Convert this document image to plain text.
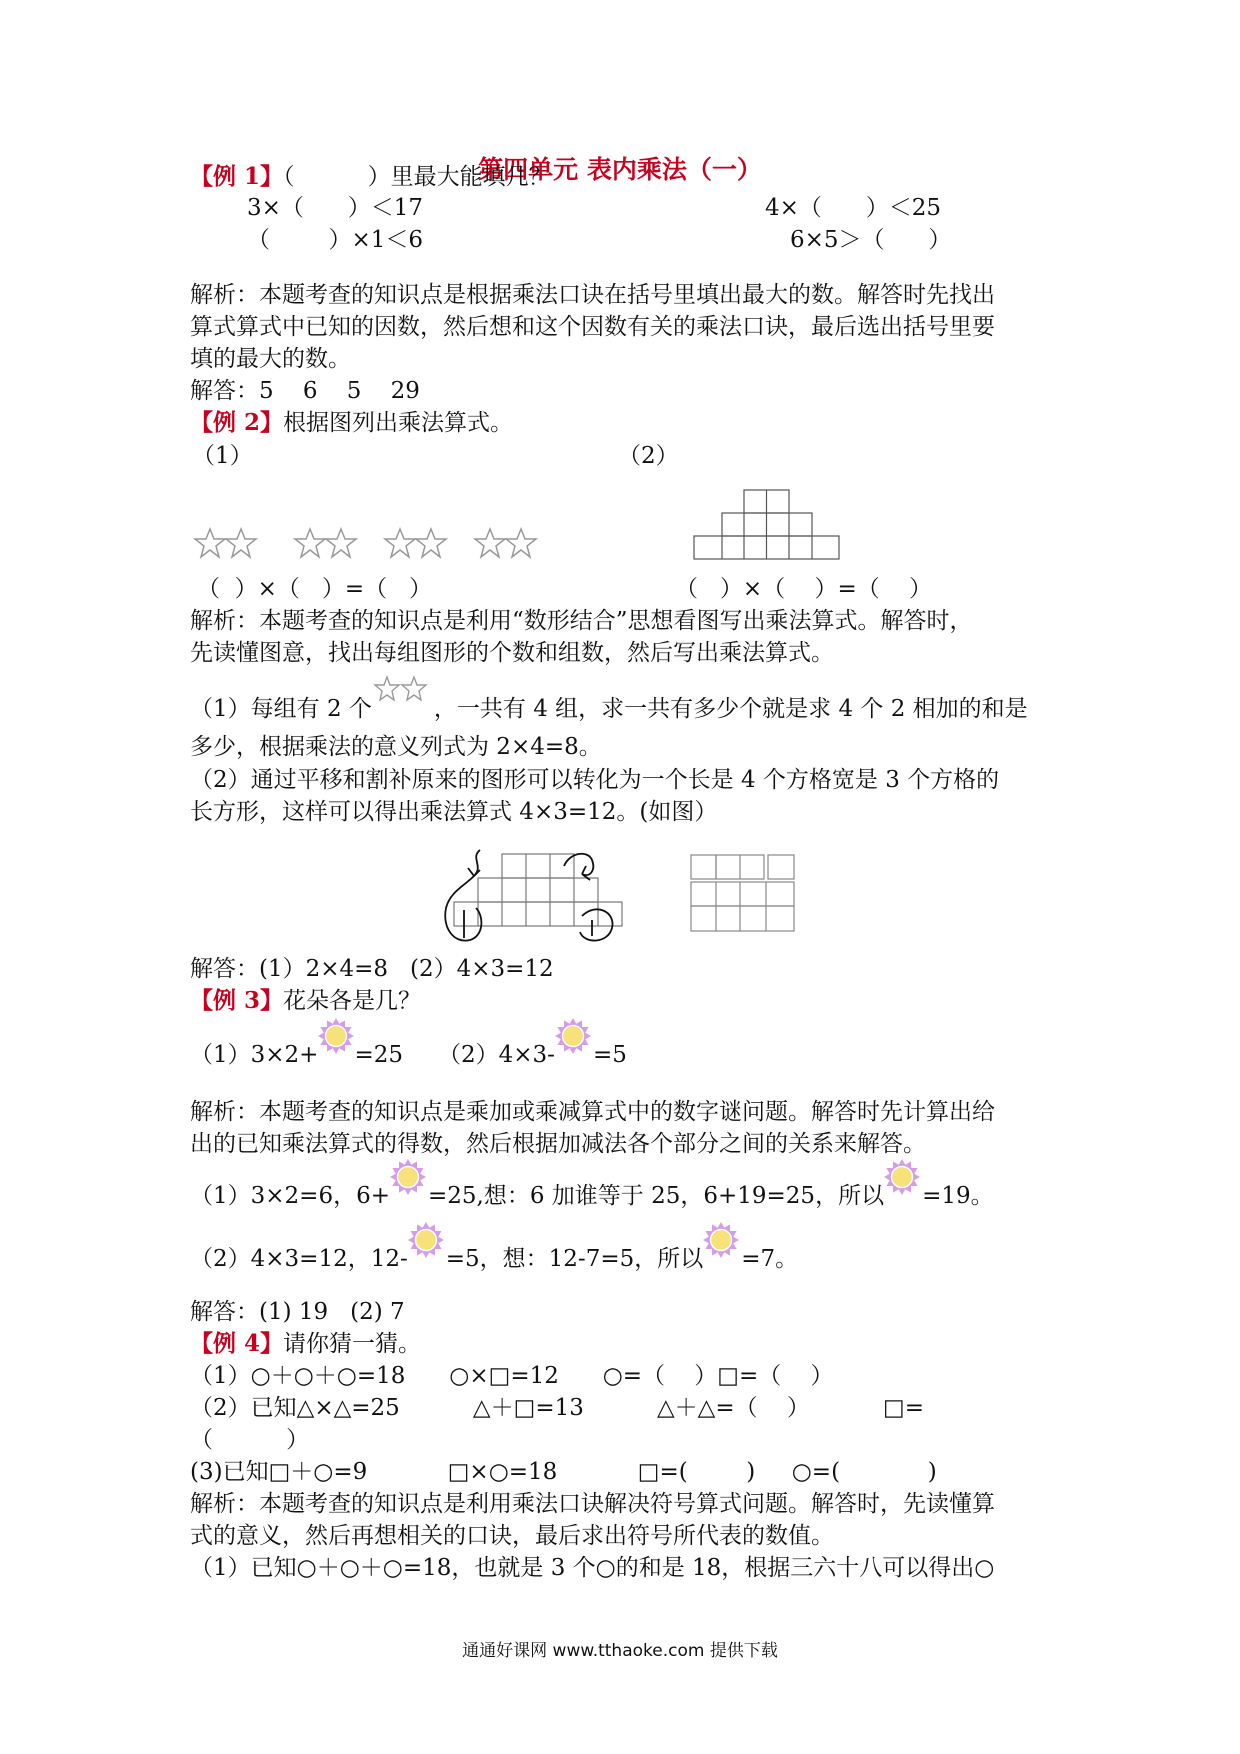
第四单元 表内乘法（一）
【例 1】（          ）里最大能填几？
3×（      ）＜17	4×（      ）＜25
（        ）×1＜6	6×5＞（      ）
解析：本题考查的知识点是根据乘法口诀在括号里填出最大的数。解答时先找出
算式算式中已知的因数，然后想和这个因数有关的乘法口诀，最后选出括号里要
填的最大的数。
解答：5    6    5    29
【例 2】根据图列出乘法算式。
（1）	（2）
（  ）×（   ）=（   ）	（   ）×（    ）=（    ）
解析：本题考查的知识点是利用“数形结合”思想看图写出乘法算式。解答时，
先读懂图意，找出每组图形的个数和组数，然后写出乘法算式。
（1）每组有 2 个	，一共有 4 组，求一共有多少个就是求 4 个 2 相加的和是
多少，根据乘法的意义列式为 2×4=8。
（2）通过平移和割补原来的图形可以转化为一个长是 4 个方格宽是 3 个方格的
长方形，这样可以得出乘法算式 4×3=12。(如图）
解答：(1）2×4=8   (2）4×3=12
【例 3】花朵各是几？
（1）3×2+ =25 （2）4×3- =5
解析：本题考查的知识点是乘加或乘减算式中的数字谜问题。解答时先计算出给
出的已知乘法算式的得数，然后根据加减法各个部分之间的关系来解答。
（1）3×2=6，6+ =25,想：6 加谁等于 25，6+19=25，所以 =19。
（2）4×3=12，12- =5，想：12-7=5，所以 =7。
解答：(1) 19   (2) 7
【例 4】请你猜一猜。
（1）○＋○＋○=18      ○×□=12      ○=（    ）□=（    ）
（2）已知△×△=25          △＋□=13          △＋△=（    ）          □=
（          ）
(3)已知□＋○=9           □×○=18           □=(        )     ○=(            )
解析：本题考查的知识点是利用乘法口诀解决符号算式问题。解答时，先读懂算
式的意义，然后再想相关的口诀，最后求出符号所代表的数值。
（1）已知○＋○＋○=18，也就是 3 个○的和是 18，根据三六十八可以得出○
通通好课网 www.tthaoke.com 提供下载
